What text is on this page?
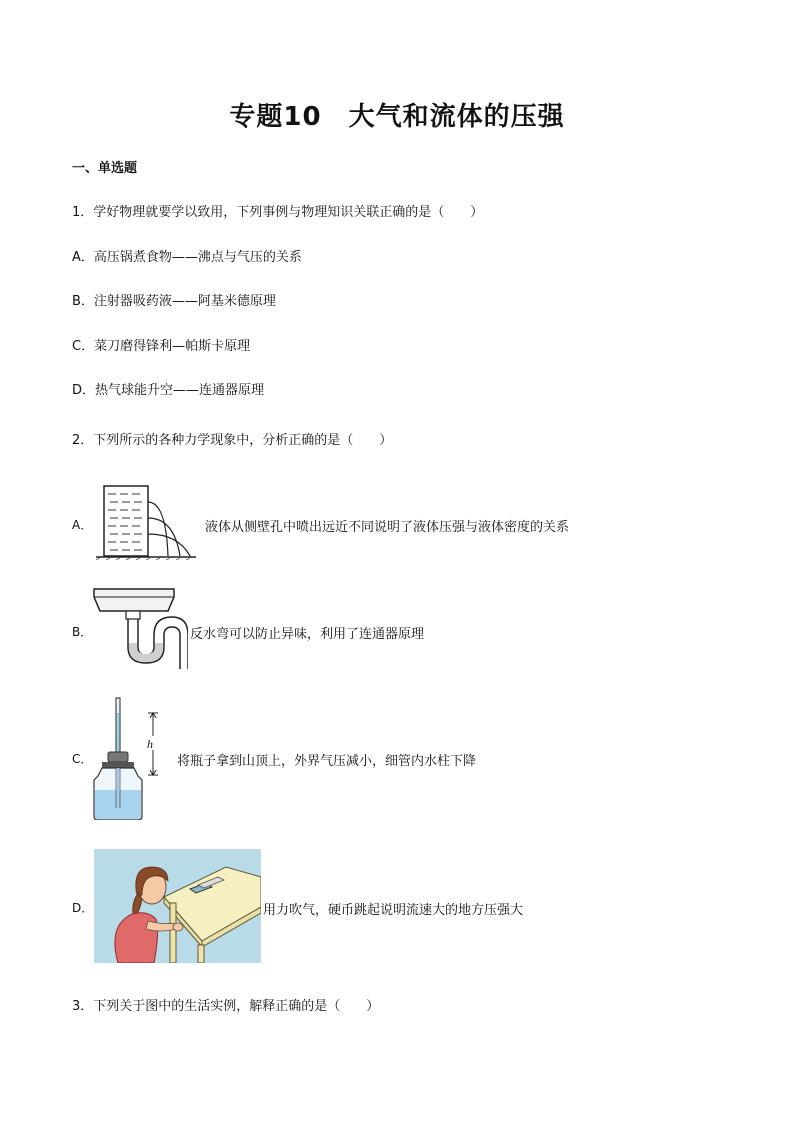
专题10　大气和流体的压强
一、单选题
1．学好物理就要学以致用，下列事例与物理知识关联正确的是（　　）
A．高压锅煮食物——沸点与气压的关系
B．注射器吸药液——阿基米德原理
C．菜刀磨得锋利—帕斯卡原理
D．热气球能升空——连通器原理
2．下列所示的各种力学现象中，分析正确的是（　　）
A．	液体从侧壁孔中喷出远近不同说明了液体压强与液体密度的关系
B．	反水弯可以防止异味，利用了连通器原理
C．
h
将瓶子拿到山顶上，外界气压减小，细管内水柱下降
D．	用力吹气，硬币跳起说明流速大的地方压强大
3．下列关于图中的生活实例，解释正确的是（　　）
